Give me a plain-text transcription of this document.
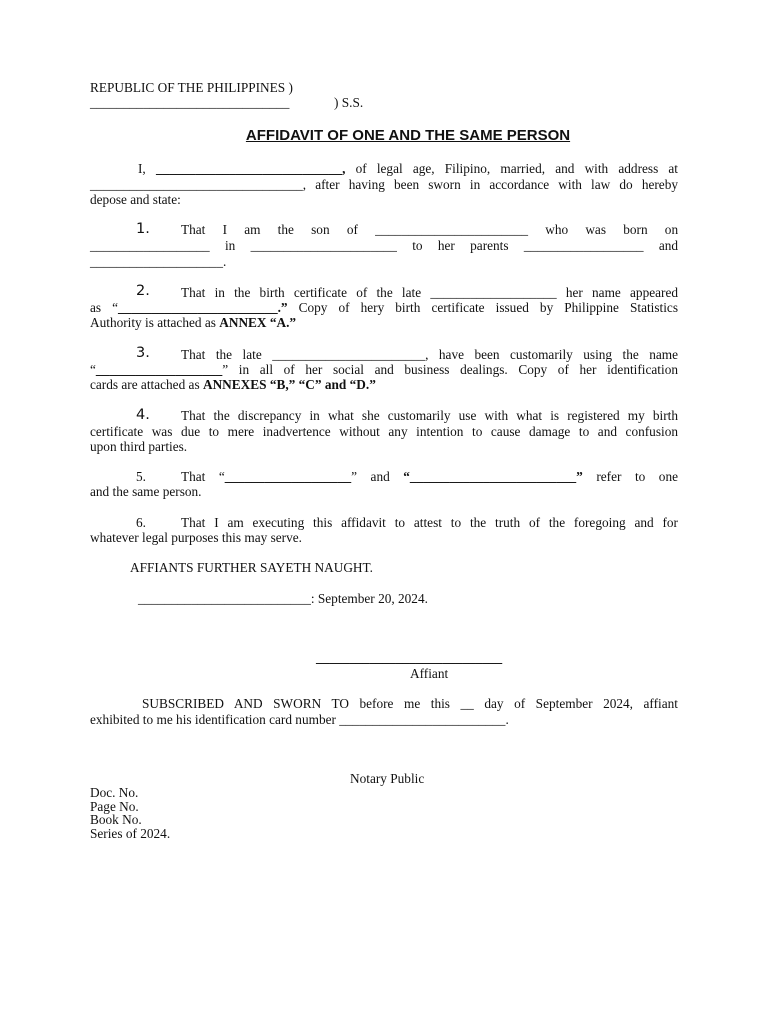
REPUBLIC OF THE PHILIPPINES )
______________________________	) S.S.
AFFIDAVIT OF ONE AND THE SAME PERSON
I, ____________________________, of legal age, Filipino, married, and with address at
________________________________, after having been sworn in accordance with law do hereby
depose and state:
1. That I am the son of _______________________ who was born on
__________________ in ______________________ to her parents __________________ and
____________________.
2. That in the birth certificate of the late ___________________ her name appeared
as “________________________.” Copy of hery birth certificate issued by Philippine Statistics
Authority is attached as ANNEX “A.”
3. That the late _______________________, have been customarily using the name
“___________________” in all of her social and business dealings. Copy of her identification
cards are attached as ANNEXES “B,” “C” and “D.”
4. That the discrepancy in what she customarily use with what is registered my birth
certificate was due to mere inadvertence without any intention to cause damage to and confusion
upon third parties.
5.	That “___________________” and “_________________________” refer to one
and the same person.
6.	That I am executing this affidavit to attest to the truth of the foregoing and for
whatever legal purposes this may serve.
AFFIANTS FURTHER SAYETH NAUGHT.
__________________________: September 20, 2024.
____________________________
Affiant
SUBSCRIBED AND SWORN TO before me this __ day of September 2024, affiant
exhibited to me his identification card number _________________________.
Notary Public
Doc. No.
Page No.
Book No.
Series of 2024.
